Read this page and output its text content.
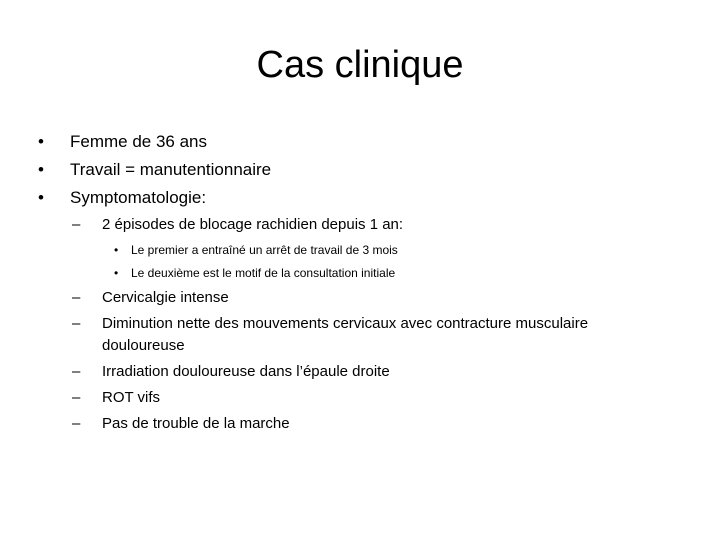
Cas clinique
• Femme de 36 ans
• Travail = manutentionnaire
• Symptomatologie:
– 2 épisodes de blocage rachidien depuis 1 an:
• Le premier a entraîné un arrêt de travail de 3 mois
• Le deuxième est le motif de la consultation initiale
– Cervicalgie intense
– Diminution nette des mouvements cervicaux avec contracture musculaire
douloureuse
– Irradiation douloureuse dans l’épaule droite
– ROT vifs
– Pas de trouble de la marche
